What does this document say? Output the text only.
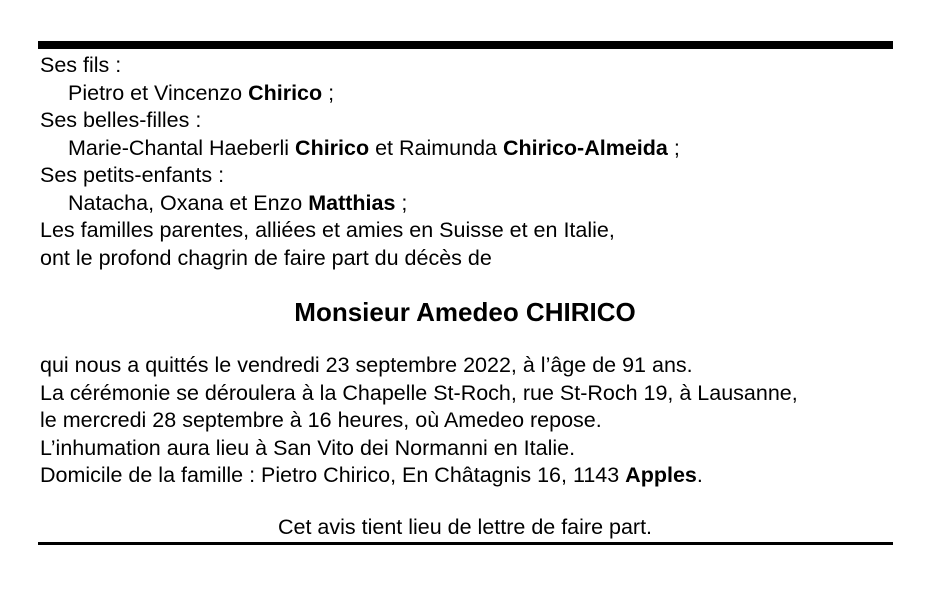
Ses fils :
Pietro et Vincenzo Chirico ;
Ses belles-filles :
Marie-Chantal Haeberli Chirico et Raimunda Chirico-Almeida ;
Ses petits-enfants :
Natacha, Oxana et Enzo Matthias ;
Les familles parentes, alliées et amies en Suisse et en Italie,
ont le profond chagrin de faire part du décès de
Monsieur Amedeo CHIRICO
qui nous a quittés le vendredi 23 septembre 2022, à l’âge de 91 ans.
La cérémonie se déroulera à la Chapelle St-Roch, rue St-Roch 19, à Lausanne,
le mercredi 28 septembre à 16 heures, où Amedeo repose.
L’inhumation aura lieu à San Vito dei Normanni en Italie.
Domicile de la famille : Pietro Chirico, En Châtagnis 16, 1143 Apples.
Cet avis tient lieu de lettre de faire part.
